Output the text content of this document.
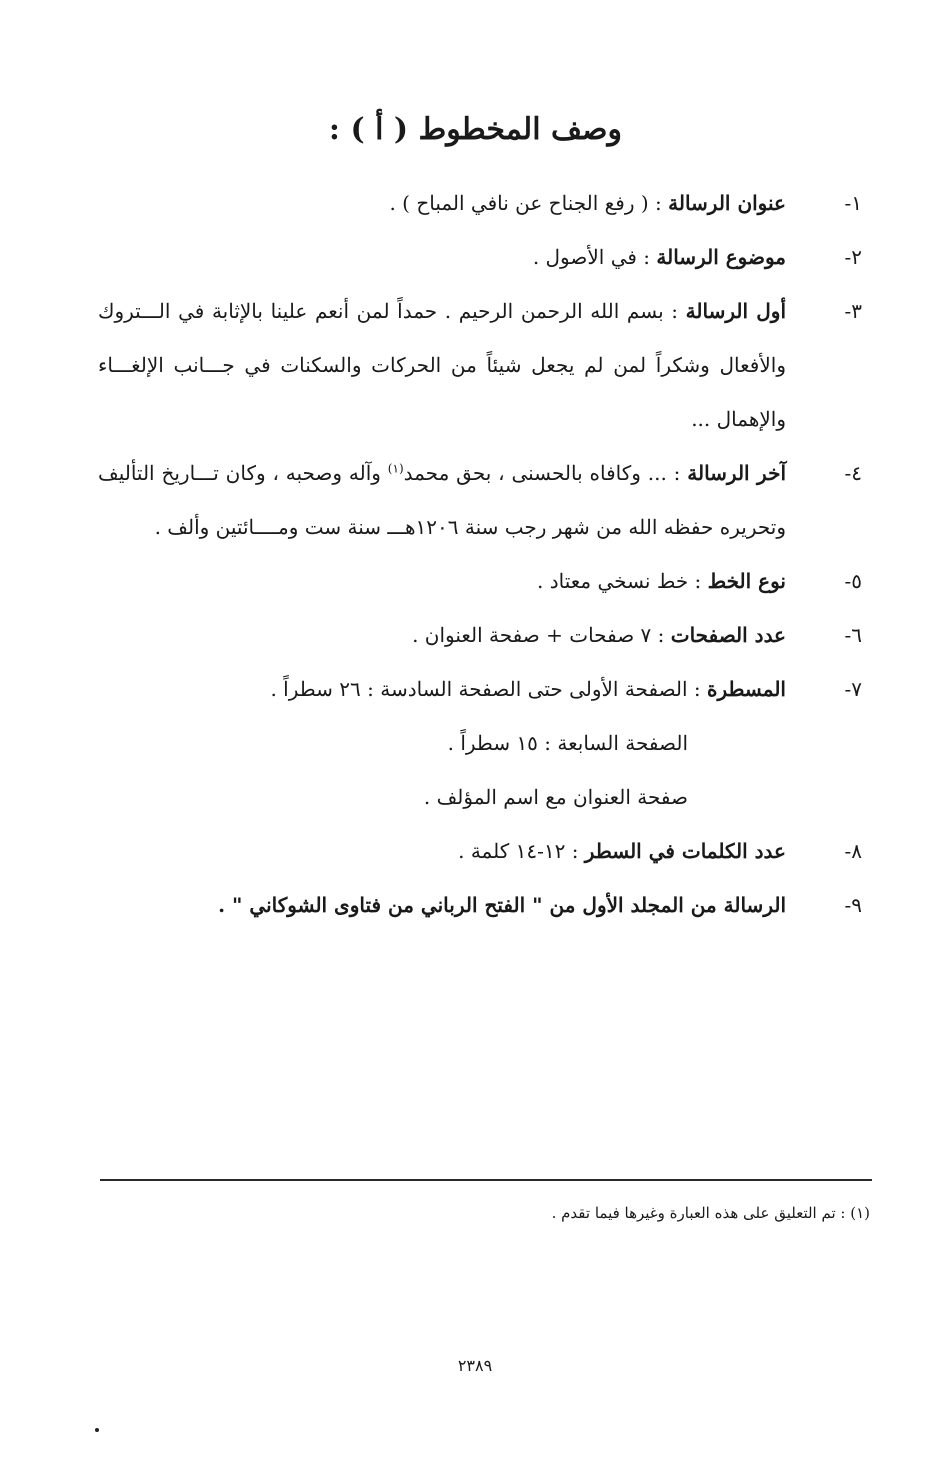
وصف المخطوط ( أ ) :
١-
عنوان الرسالة : ( رفع الجناح عن نافي المباح ) .
٢-
موضوع الرسالة : في الأصول .
٣-
أول الرسالة : بسم الله الرحمن الرحيم . حمداً لمن أنعم علينا بالإثابة في الـــتروك والأفعال وشكراً لمن لم يجعل شيئاً من الحركات والسكنات في جـــانب الإلغـــاء والإهمال ...
٤-
آخر الرسالة : ... وكافاه بالحسنى ، بحق محمد$^{(١)}$ وآله وصحبه ، وكان تـــاريخ التأليف وتحريره حفظه الله من شهر رجب سنة ١٢٠٦هـــ سنة ست ومــــائتين وألف .
٥-
نوع الخط : خط نسخي معتاد .
٦-
عدد الصفحات : ٧ صفحات + صفحة العنوان .
٧-
المسطرة : الصفحة الأولى حتى الصفحة السادسة : ٢٦ سطراً .
الصفحة السابعة : ١٥ سطراً .
صفحة العنوان مع اسم المؤلف .
٨-
عدد الكلمات في السطر : ١٢-١٤ كلمة .
٩-
الرسالة من المجلد الأول من " الفتح الرباني من فتاوى الشوكاني " .
(١) : تم التعليق على هذه العبارة وغيرها فيما تقدم .
٢٣٨٩
